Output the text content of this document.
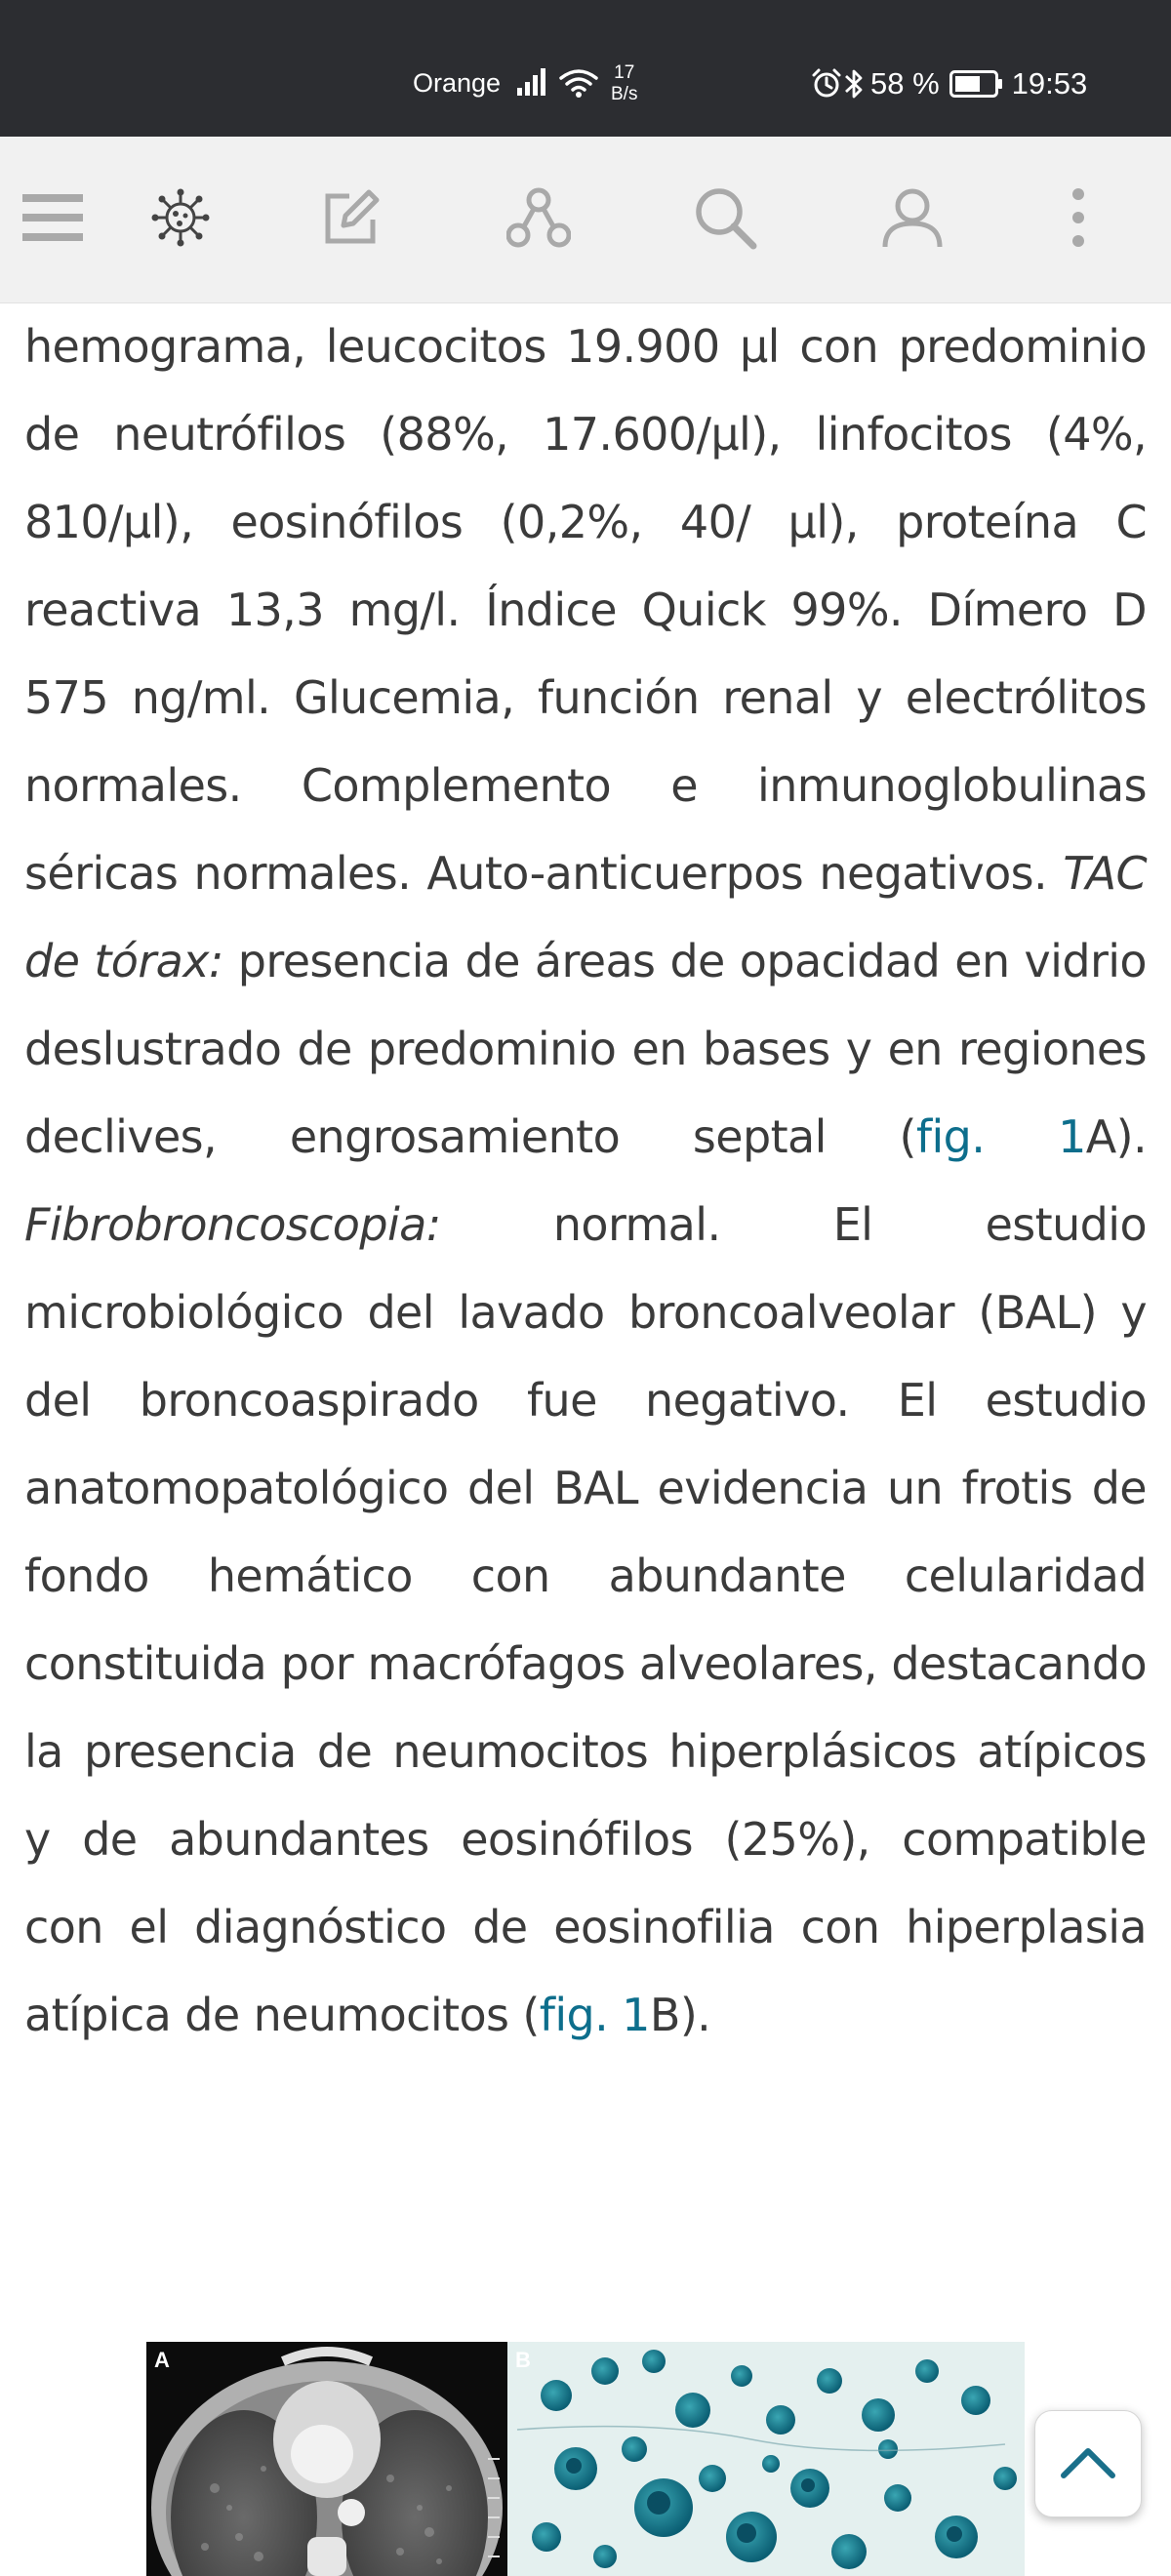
Orange	17
B/s	58 % 19:53

hemograma, leucocitos 19.900 µl con predominio de neutrófilos (88%, 17.600/µl), linfocitos (4%, 810/µl), eosinófilos (0,2%, 40/ µl), proteína C reactiva 13,3 mg/l. Índice Quick 99%. Dímero D 575 ng/ml. Glucemia, función renal y electrólitos normales. Complemento e inmunoglobulinas séricas normales. Auto-anticuerpos negativos. TAC de tórax: presencia de áreas de opacidad en vidrio deslustrado de predominio en bases y en regiones declives, engrosamiento septal (fig. 1A). Fibrobroncoscopia: normal. El estudio microbiológico del lavado broncoalveolar (BAL) y del broncoaspirado fue negativo. El estudio anatomopatológico del BAL evidencia un frotis de fondo hemático con abundante celularidad constituida por macrófagos alveolares, destacando la presencia de neumocitos hiperplásicos atípicos y de abundantes eosinófilos (25%), compatible con el diagnóstico de eosinofilia con hiperplasia atípica de neumocitos (fig. 1B).

A	B
